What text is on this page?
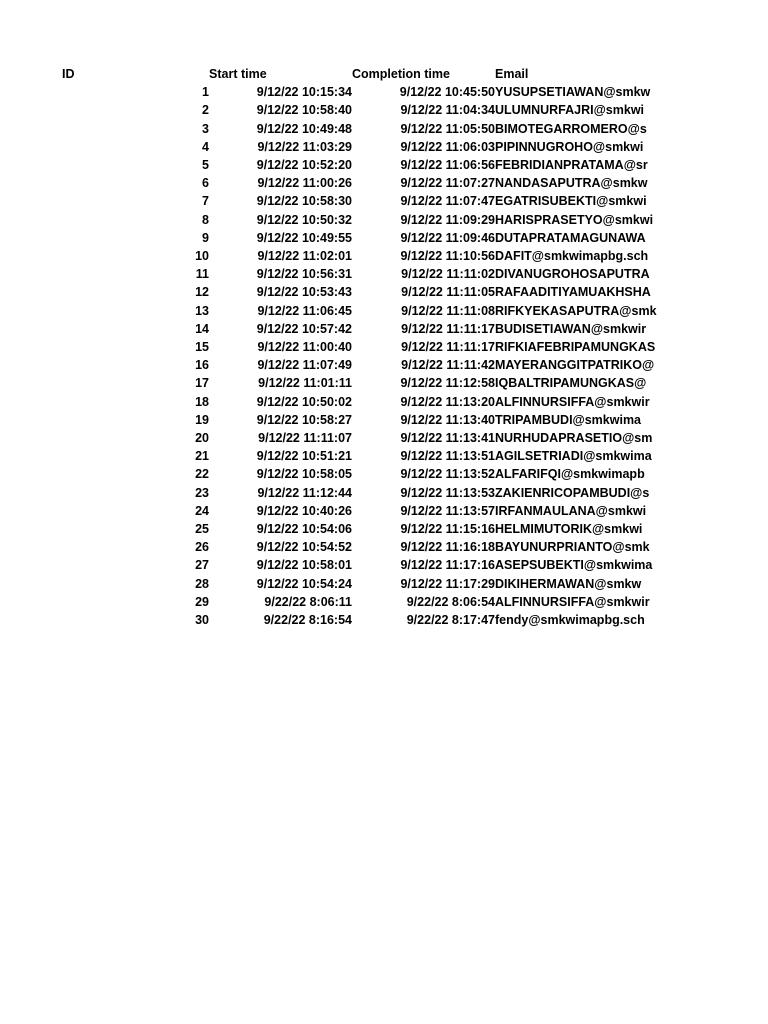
ID	Start time	Completion time	Email
1	9/12/22 10:15:34	9/12/22 10:45:50	YUSUPSETIAWAN@smkw
2	9/12/22 10:58:40	9/12/22 11:04:34	ULUMNURFAJRI@smkwi
3	9/12/22 10:49:48	9/12/22 11:05:50	BIMOTEGARROMERO@s
4	9/12/22 11:03:29	9/12/22 11:06:03	PIPINNUGROHO@smkwi
5	9/12/22 10:52:20	9/12/22 11:06:56	FEBRIDIANPRATAMA@sr
6	9/12/22 11:00:26	9/12/22 11:07:27	NANDASAPUTRA@smkw
7	9/12/22 10:58:30	9/12/22 11:07:47	EGATRISUBEKTI@smkwi
8	9/12/22 10:50:32	9/12/22 11:09:29	HARISPRASETYO@smkwi
9	9/12/22 10:49:55	9/12/22 11:09:46	DUTAPRATAMAGUNAWA
10	9/12/22 11:02:01	9/12/22 11:10:56	DAFIT@smkwimapbg.sch
11	9/12/22 10:56:31	9/12/22 11:11:02	DIVANUGROHOSAPUTRA
12	9/12/22 10:53:43	9/12/22 11:11:05	RAFAADITIYAMUAKHSHA
13	9/12/22 11:06:45	9/12/22 11:11:08	RIFKYEKASAPUTRA@smk
14	9/12/22 10:57:42	9/12/22 11:11:17	BUDISETIAWAN@smkwir
15	9/12/22 11:00:40	9/12/22 11:11:17	RIFKIAFEBRIPAMUNGKAS
16	9/12/22 11:07:49	9/12/22 11:11:42	MAYERANGGITPATRIKO@
17	9/12/22 11:01:11	9/12/22 11:12:58	IQBALTRIPAMUNGKAS@
18	9/12/22 10:50:02	9/12/22 11:13:20	ALFINNURSIFFA@smkwir
19	9/12/22 10:58:27	9/12/22 11:13:40	TRIPAMBUDI@smkwima
20	9/12/22 11:11:07	9/12/22 11:13:41	NURHUDAPRASETIO@sm
21	9/12/22 10:51:21	9/12/22 11:13:51	AGILSETRIADI@smkwima
22	9/12/22 10:58:05	9/12/22 11:13:52	ALFARIFQI@smkwimapb
23	9/12/22 11:12:44	9/12/22 11:13:53	ZAKIENRICOPAMBUDI@s
24	9/12/22 10:40:26	9/12/22 11:13:57	IRFANMAULANA@smkwi
25	9/12/22 10:54:06	9/12/22 11:15:16	HELMIMUTORIK@smkwi
26	9/12/22 10:54:52	9/12/22 11:16:18	BAYUNURPRIANTO@smk
27	9/12/22 10:58:01	9/12/22 11:17:16	ASEPSUBEKTI@smkwima
28	9/12/22 10:54:24	9/12/22 11:17:29	DIKIHERMAWAN@smkw
29	9/22/22 8:06:11	9/22/22 8:06:54	ALFINNURSIFFA@smkwir
30	9/22/22 8:16:54	9/22/22 8:17:47	fendy@smkwimapbg.sch
